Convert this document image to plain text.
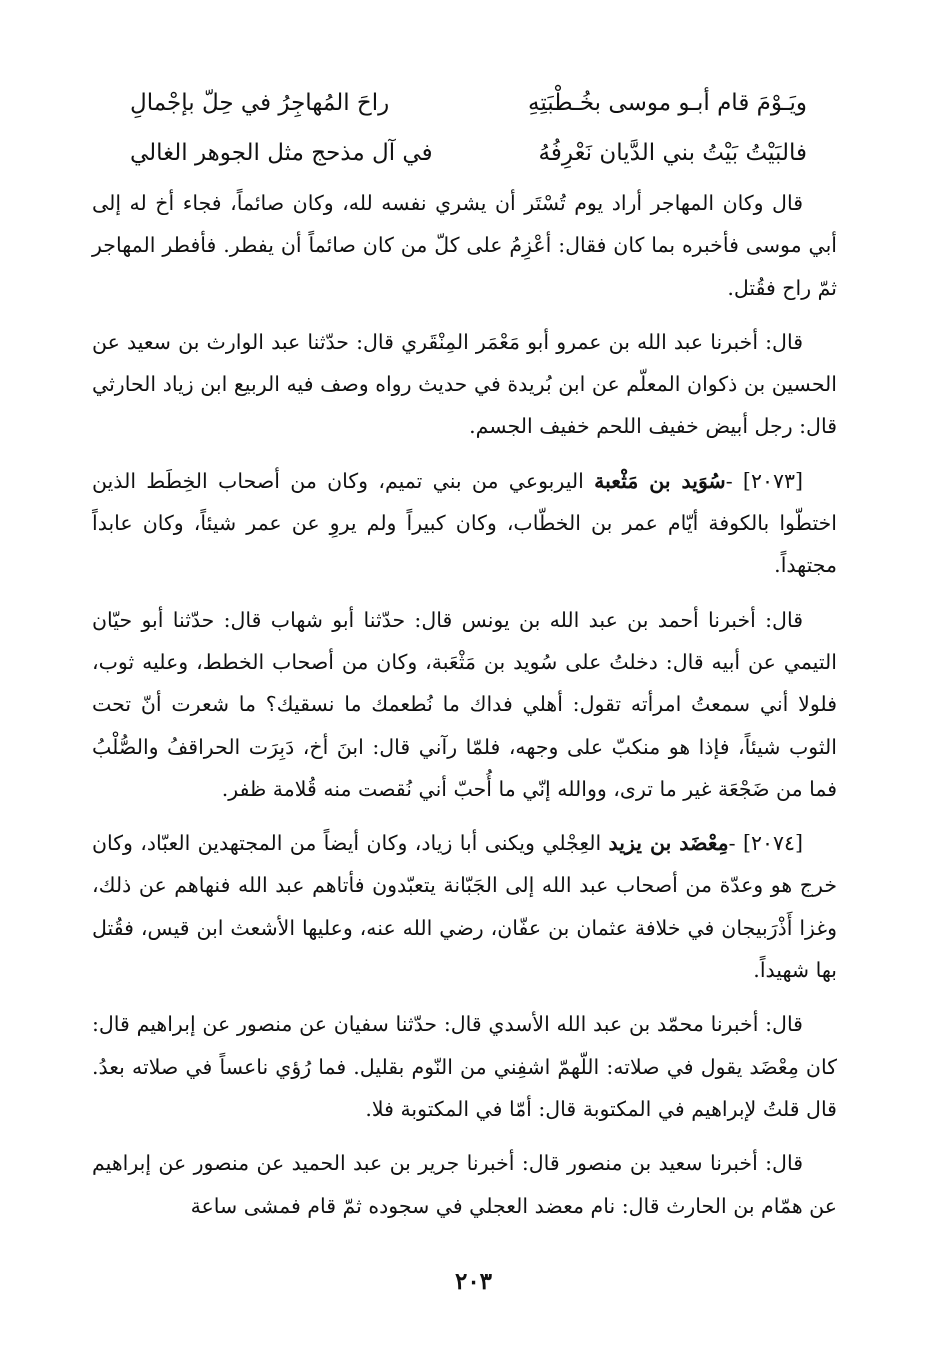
ويَـوْمَ قام أبـو موسى بخُـطْبَتِهِ
راحَ المُهاجِرُ في حِلّ بإجْمالِ
فالبَيْتُ بَيْتُ بني الدَّيان نَعْرِفُهُ
في آل مذحج مثل الجوهر الغالي

قال وكان المهاجر أراد يوم تُسْتَر أن يشري نفسه لله، وكان صائماً، فجاء أخ له إلى أبي موسى فأخبره بما كان فقال: أعْزِمُ على كلّ من كان صائماً أن يفطر. فأفطر المهاجر ثمّ راح فقُتل.

قال: أخبرنا عبد الله بن عمرو أبو مَعْمَر المِنْقَري قال: حدّثنا عبد الوارث بن سعيد عن الحسين بن ذكوان المعلّم عن ابن بُريدة في حديث رواه وصف فيه الربيع ابن زياد الحارثي قال: رجل أبيض خفيف اللحم خفيف الجسم.

[٢٠٧٣] -سُوَيد بن مَثْعبة اليربوعي من بني تميم، وكان من أصحاب الخِطَط الذين اختطّوا بالكوفة أيّام عمر بن الخطّاب، وكان كبيراً ولم يروِ عن عمر شيئاً، وكان عابداً مجتهداً.

قال: أخبرنا أحمد بن عبد الله بن يونس قال: حدّثنا أبو شهاب قال: حدّثنا أبو حيّان التيمي عن أبيه قال: دخلتُ على سُويد بن مَثْعَبة، وكان من أصحاب الخطط، وعليه ثوب، فلولا أني سمعتُ امرأته تقول: أهلي فداك ما نُطعمك ما نسقيك؟ ما شعرت أنّ تحت الثوب شيئاً، فإذا هو منكبّ على وجهه، فلمّا رآني قال: ابنَ أخ، دَبِرَت الحراقفُ والصُّلْبُ فما من ضَجْعَة غير ما ترى، ووالله إنّي ما أُحبّ أني نُقصت منه قُلامة ظفر.

[٢٠٧٤] -مِعْضَد بن يزيد العِجْلي ويكنى أبا زياد، وكان أيضاً من المجتهدين العبّاد، وكان خرج هو وعدّة من أصحاب عبد الله إلى الجَبّانة يتعبّدون فأتاهم عبد الله فنهاهم عن ذلك، وغزا أَذْرَبيجان في خلافة عثمان بن عفّان، رضي الله عنه، وعليها الأشعث ابن قيس، فقُتل بها شهيداً.

قال: أخبرنا محمّد بن عبد الله الأسدي قال: حدّثنا سفيان عن منصور عن إبراهيم قال: كان مِعْضَد يقول في صلاته: اللّهمّ اشفِني من النّوم بقليل. فما رُؤي ناعساً في صلاته بعدُ. قال قلتُ لإبراهيم في المكتوبة قال: أمّا في المكتوبة فلا.

قال: أخبرنا سعيد بن منصور قال: أخبرنا جرير بن عبد الحميد عن منصور عن إبراهيم عن همّام بن الحارث قال: نام معضد العجلي في سجوده ثمّ قام فمشى ساعة

٢٠٣
